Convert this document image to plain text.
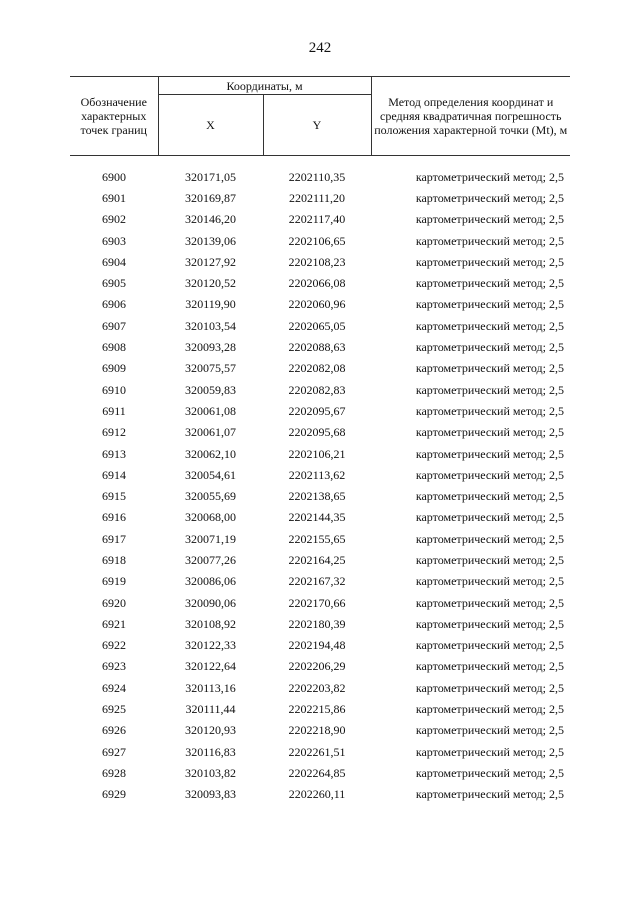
242
Обозначение характерных точек границ	Координаты, м		Метод определения координат и средняя квадратичная погрешность положения характерной точки (Мt), м
	X	Y	

6900	320171,05	2202110,35	картометрический метод; 2,5
6901	320169,87	2202111,20	картометрический метод; 2,5
6902	320146,20	2202117,40	картометрический метод; 2,5
6903	320139,06	2202106,65	картометрический метод; 2,5
6904	320127,92	2202108,23	картометрический метод; 2,5
6905	320120,52	2202066,08	картометрический метод; 2,5
6906	320119,90	2202060,96	картометрический метод; 2,5
6907	320103,54	2202065,05	картометрический метод; 2,5
6908	320093,28	2202088,63	картометрический метод; 2,5
6909	320075,57	2202082,08	картометрический метод; 2,5
6910	320059,83	2202082,83	картометрический метод; 2,5
6911	320061,08	2202095,67	картометрический метод; 2,5
6912	320061,07	2202095,68	картометрический метод; 2,5
6913	320062,10	2202106,21	картометрический метод; 2,5
6914	320054,61	2202113,62	картометрический метод; 2,5
6915	320055,69	2202138,65	картометрический метод; 2,5
6916	320068,00	2202144,35	картометрический метод; 2,5
6917	320071,19	2202155,65	картометрический метод; 2,5
6918	320077,26	2202164,25	картометрический метод; 2,5
6919	320086,06	2202167,32	картометрический метод; 2,5
6920	320090,06	2202170,66	картометрический метод; 2,5
6921	320108,92	2202180,39	картометрический метод; 2,5
6922	320122,33	2202194,48	картометрический метод; 2,5
6923	320122,64	2202206,29	картометрический метод; 2,5
6924	320113,16	2202203,82	картометрический метод; 2,5
6925	320111,44	2202215,86	картометрический метод; 2,5
6926	320120,93	2202218,90	картометрический метод; 2,5
6927	320116,83	2202261,51	картометрический метод; 2,5
6928	320103,82	2202264,85	картометрический метод; 2,5
6929	320093,83	2202260,11	картометрический метод; 2,5
